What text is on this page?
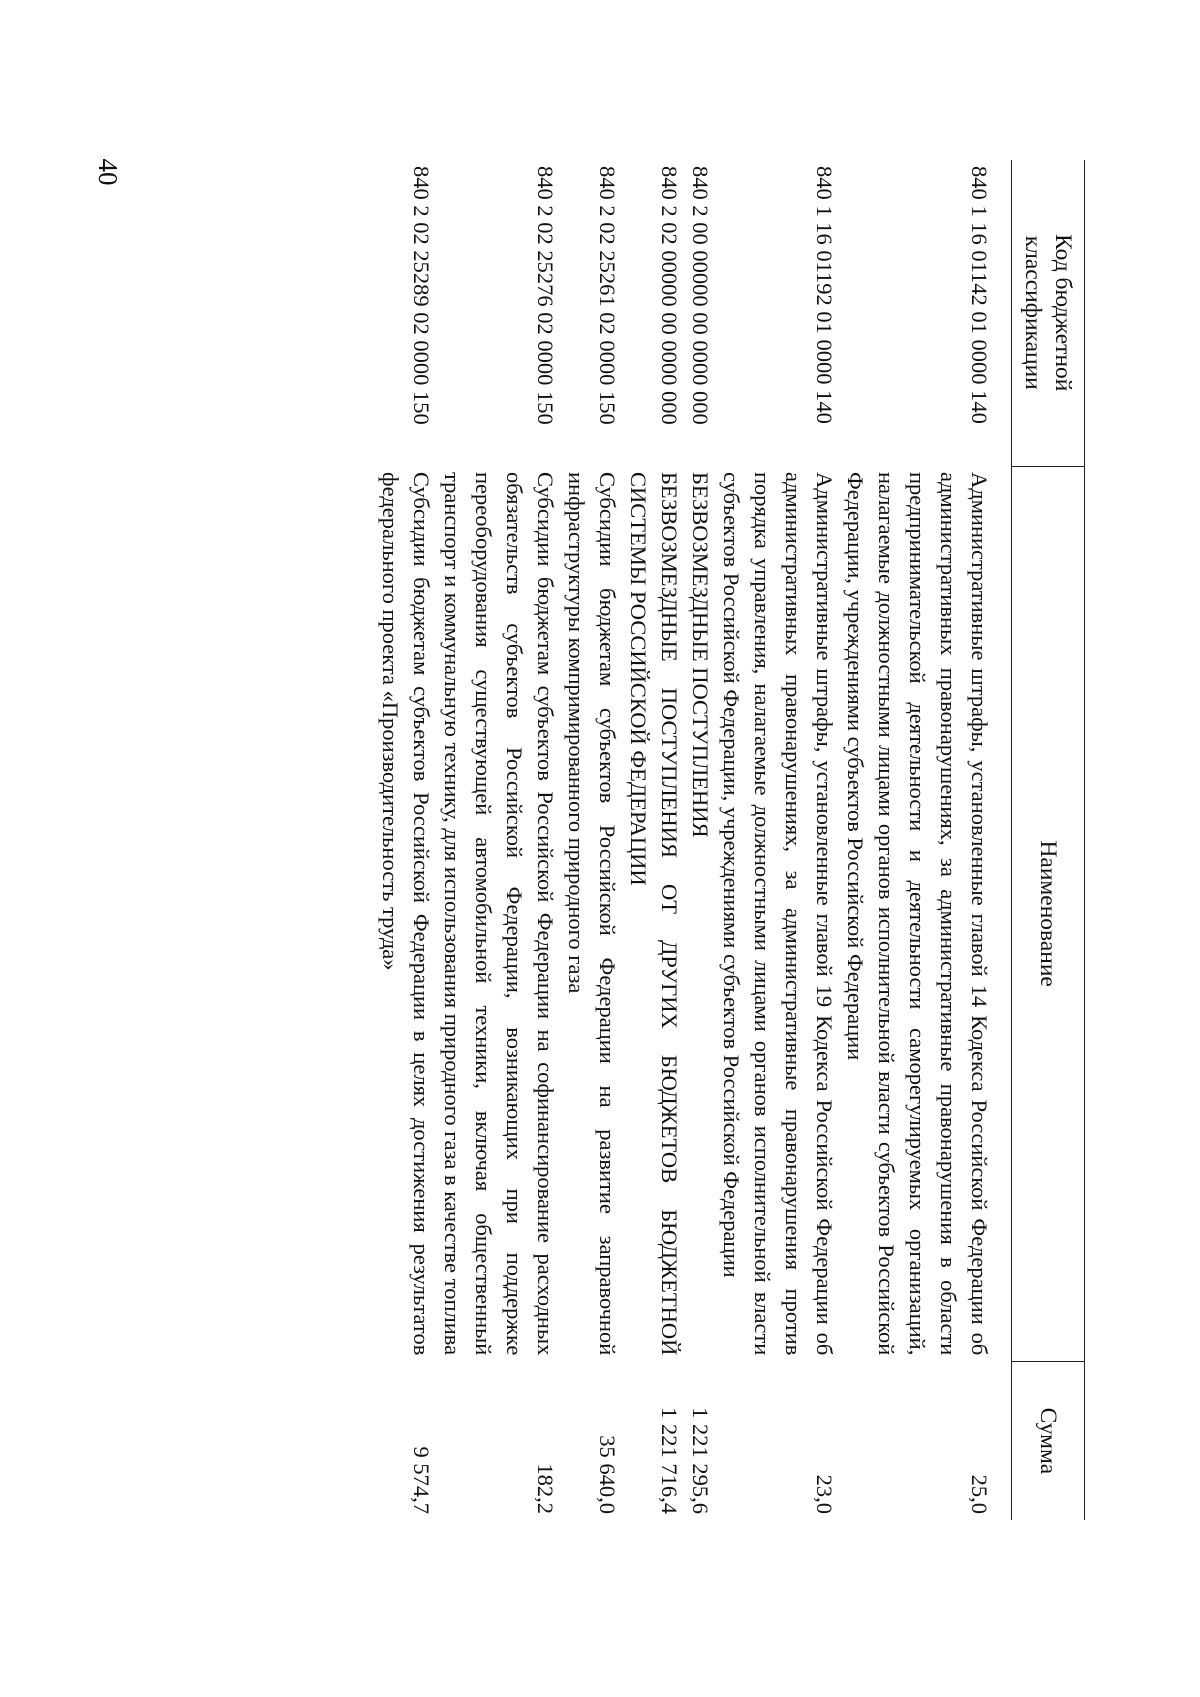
Код бюджетной классификации	Наименование	Сумма
840 1 16 01142 01 0000 140	Административные штрафы, установленные главой 14 Кодекса Российской Федерации об административных правонарушениях, за административные правонарушения в области предпринимательской деятельности и деятельности саморегулируемых организаций, налагаемые должностными лицами органов исполнительной власти субъектов Российской Федерации, учреждениями субъектов Российской Федерации	25,0
840 1 16 01192 01 0000 140	Административные штрафы, установленные главой 19 Кодекса Российской Федерации об административных правонарушениях, за административные правонарушения против порядка управления, налагаемые должностными лицами органов исполнительной власти субъектов Российской Федерации, учреждениями субъектов Российской Федерации	23,0
840 2 00 00000 00 0000 000	БЕЗВОЗМЕЗДНЫЕ ПОСТУПЛЕНИЯ	1 221 295,6
840 2 02 00000 00 0000 000	БЕЗВОЗМЕЗДНЫЕ ПОСТУПЛЕНИЯ ОТ ДРУГИХ БЮДЖЕТОВ БЮДЖЕТНОЙ СИСТЕМЫ РОССИЙСКОЙ ФЕДЕРАЦИИ	1 221 716,4
840 2 02 25261 02 0000 150	Субсидии бюджетам субъектов Российской Федерации на развитие заправочной инфраструктуры компримированного природного газа	35 640,0
840 2 02 25276 02 0000 150	Субсидии бюджетам субъектов Российской Федерации на софинансирование расходных обязательств субъектов Российской Федерации, возникающих при поддержке переоборудования существующей автомобильной техники, включая общественный транспорт и коммунальную технику, для использования природного газа в качестве топлива	182,2
840 2 02 25289 02 0000 150	Субсидии бюджетам субъектов Российской Федерации в целях достижения результатов федерального проекта «Производительность труда»	9 574,7
40
